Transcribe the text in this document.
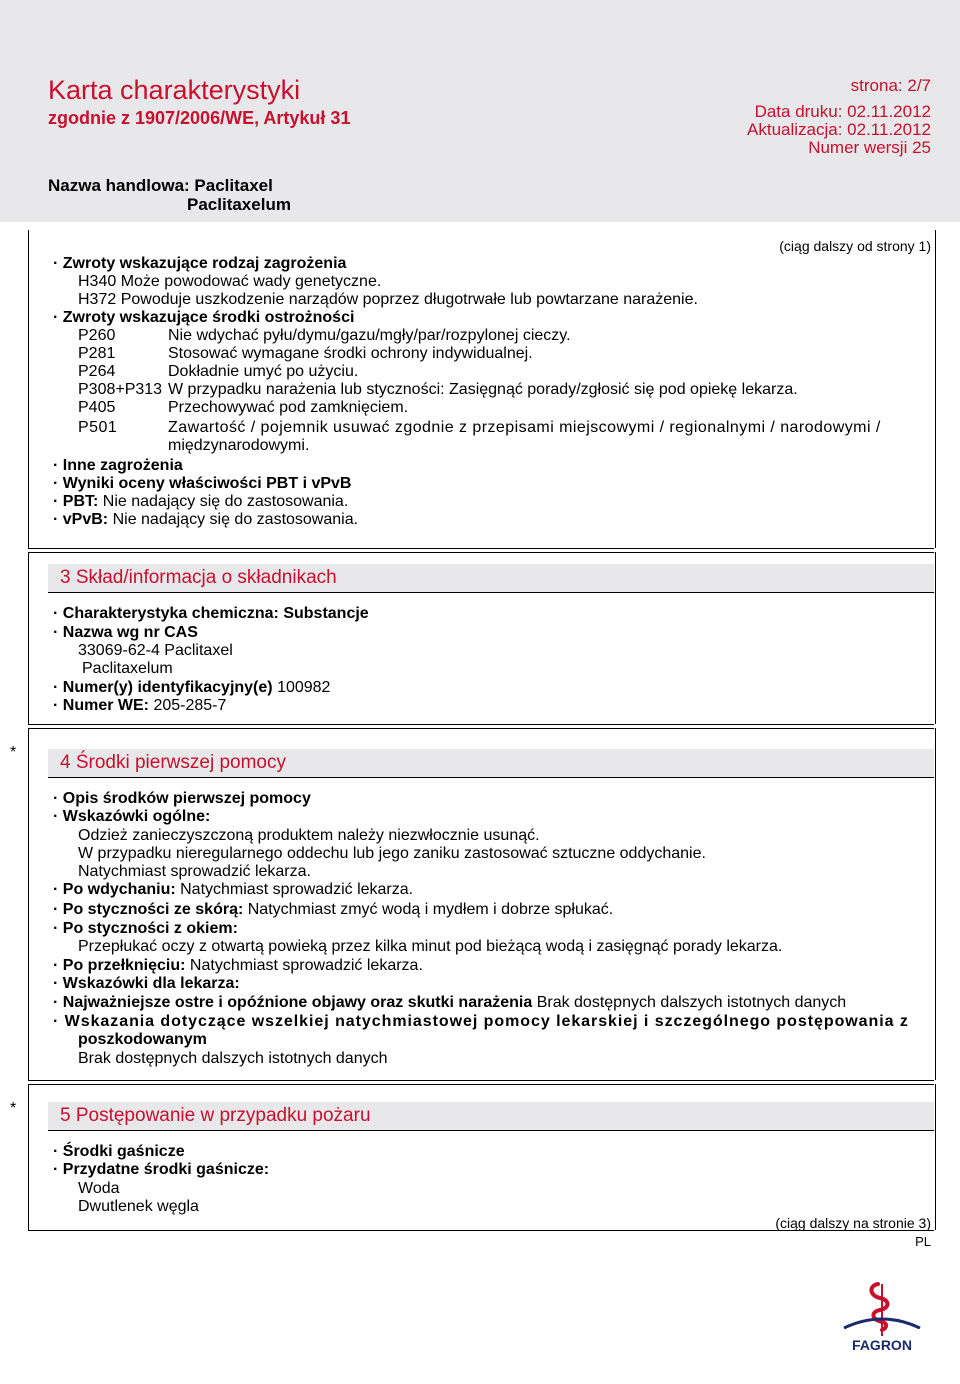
Karta charakterystyki
zgodnie z 1907/2006/WE, Artykuł 31
strona: 2/7
Data druku: 02.11.2012
Aktualizacja: 02.11.2012
Numer wersji 25
Nazwa handlowa: Paclitaxel
Paclitaxelum
(ciąg dalszy od strony 1)
· Zwroty wskazujące rodzaj zagrożenia
H340 Może powodować wady genetyczne.
H372 Powoduje uszkodzenie narządów poprzez długotrwałe lub powtarzane narażenie.
· Zwroty wskazujące środki ostrożności
P260	Nie wdychać pyłu/dymu/gazu/mgły/par/rozpylonej cieczy.
P281	Stosować wymagane środki ochrony indywidualnej.
P264	Dokładnie umyć po użyciu.
P308+P313 W przypadku narażenia lub styczności: Zasięgnąć porady/zgłosić się pod opiekę lekarza.
P405	Przechowywać pod zamknięciem.
P501	Zawartość / pojemnik usuwać zgodnie z przepisami miejscowymi / regionalnymi / narodowymi /
międzynarodowymi.
· Inne zagrożenia
· Wyniki oceny właściwości PBT i vPvB
· PBT: Nie nadający się do zastosowania.
· vPvB: Nie nadający się do zastosowania.
3 Skład/informacja o składnikach
· Charakterystyka chemiczna: Substancje
· Nazwa wg nr CAS
33069-62-4 Paclitaxel
Paclitaxelum
· Numer(y) identyfikacyjny(e) 100982
· Numer WE: 205-285-7
* 4 Środki pierwszej pomocy
· Opis środków pierwszej pomocy
· Wskazówki ogólne:
Odzież zanieczyszczoną produktem należy niezwłocznie usunąć.
W przypadku nieregularnego oddechu lub jego zaniku zastosować sztuczne oddychanie.
Natychmiast sprowadzić lekarza.
· Po wdychaniu: Natychmiast sprowadzić lekarza.
· Po styczności ze skórą: Natychmiast zmyć wodą i mydłem i dobrze spłukać.
· Po styczności z okiem:
Przepłukać oczy z otwartą powieką przez kilka minut pod bieżącą wodą i zasięgnąć porady lekarza.
· Po przełknięciu: Natychmiast sprowadzić lekarza.
· Wskazówki dla lekarza:
· Najważniejsze ostre i opóźnione objawy oraz skutki narażenia Brak dostępnych dalszych istotnych danych
· Wskazania dotyczące wszelkiej natychmiastowej pomocy lekarskiej i szczególnego postępowania z
poszkodowanym
Brak dostępnych dalszych istotnych danych
* 5 Postępowanie w przypadku pożaru
· Środki gaśnicze
· Przydatne środki gaśnicze:
Woda
Dwutlenek węgla
(ciąg dalszy na stronie 3)
PL
FAGRON
